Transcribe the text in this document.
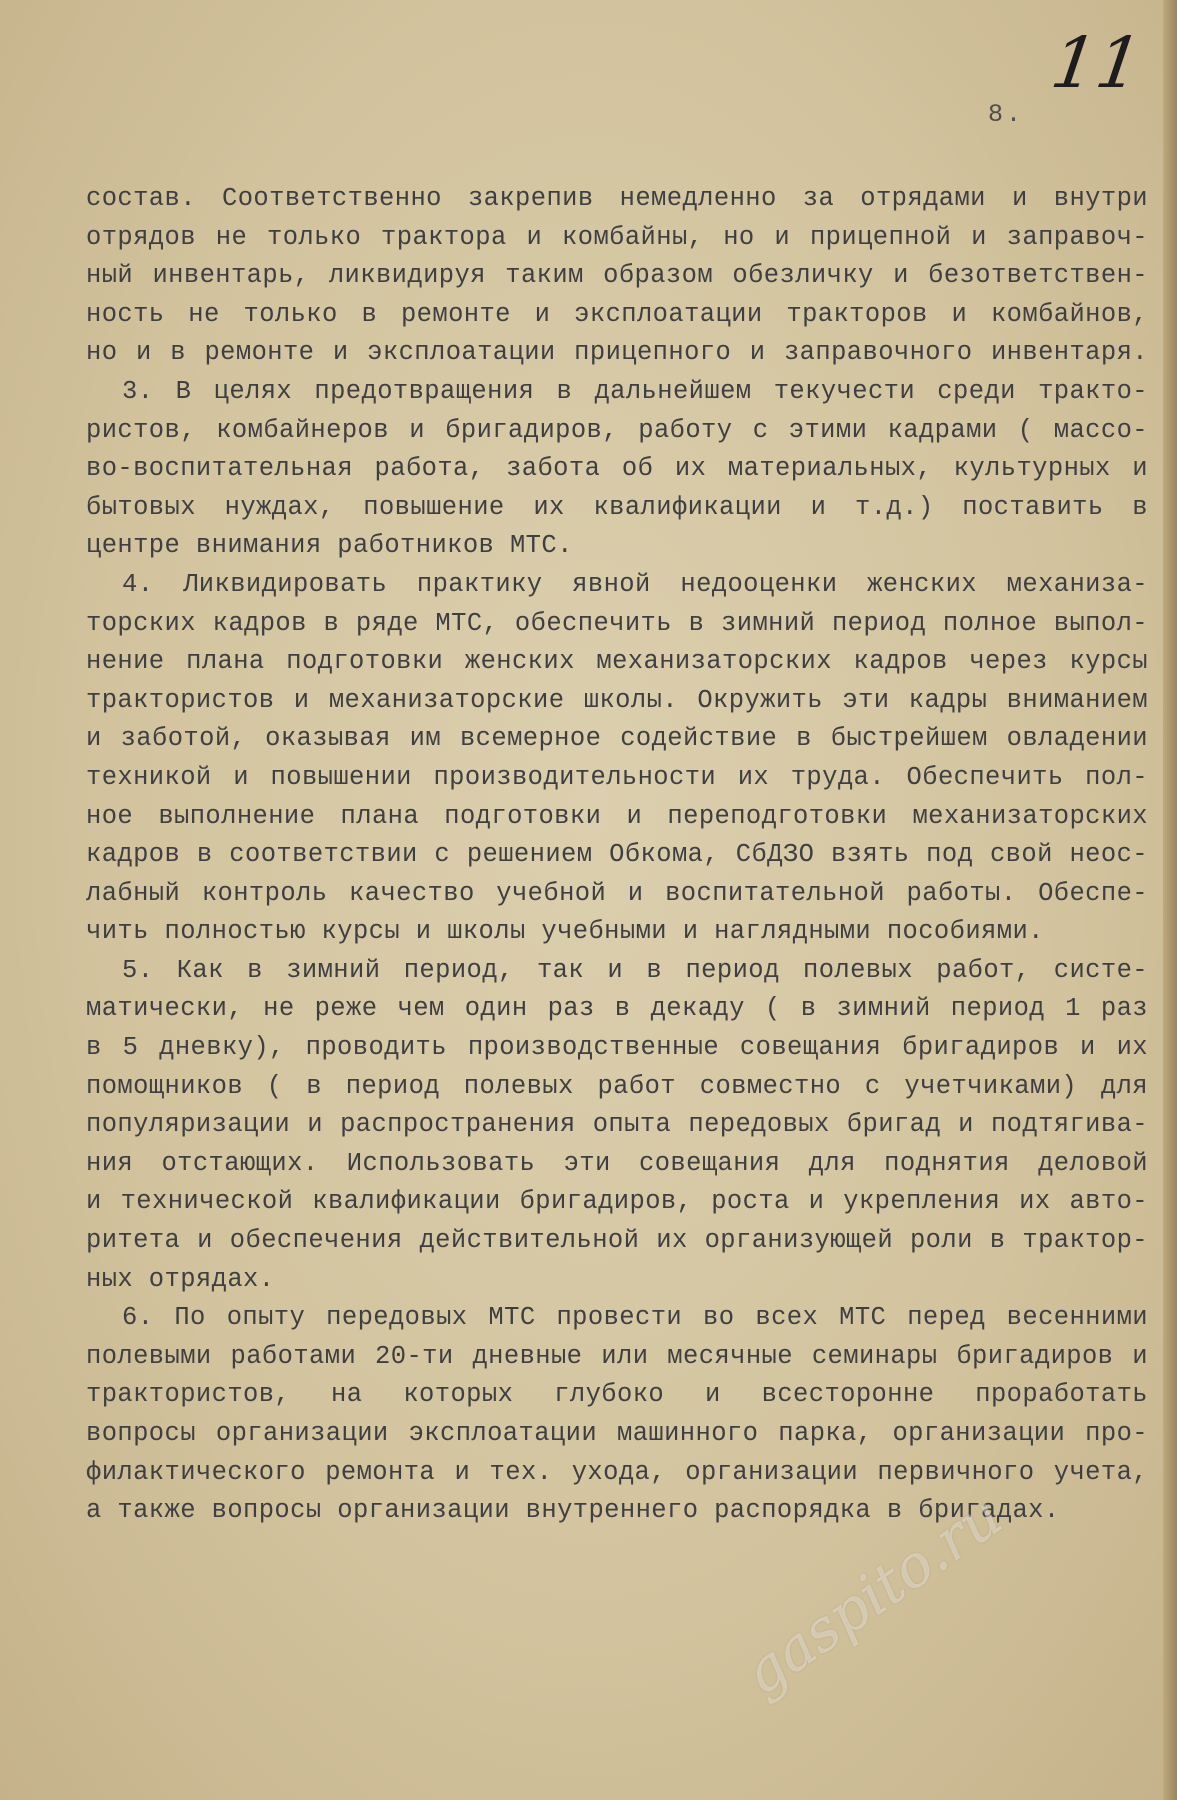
11
8.
состав. Соответственно закрепив немедленно за отрядами и внутри
отрядов не только трактора и комбайны, но и прицепной и заправоч-
ный инвентарь, ликвидируя таким образом обезличку и безответствен-
ность не только в ремонте и эксплоатации тракторов и комбайнов,
но и в ремонте и эксплоатации прицепного и заправочного инвентаря.
3. В целях предотвращения в дальнейшем текучести среди тракто-
ристов, комбайнеров и бригадиров, работу с этими кадрами ( массо-
во-воспитательная работа, забота об их материальных, культурных и
бытовых нуждах, повышение их квалификации и т.д.) поставить в
центре внимания работников МТС.
4. Ликвидировать практику явной недооценки женских механиза-
торских кадров в ряде МТС, обеспечить в зимний период полное выпол-
нение плана подготовки женских механизаторских кадров через курсы
трактористов и механизаторские школы. Окружить эти кадры вниманием
и заботой, оказывая им всемерное содействие в быстрейшем овладении
техникой и повышении производительности их труда. Обеспечить пол-
ное выполнение плана подготовки и переподготовки механизаторских
кадров в соответствии с решением Обкома, СбДЗО взять под свой неос-
лабный контроль качество учебной и воспитательной работы. Обеспе-
чить полностью курсы и школы учебными и наглядными пособиями.
5. Как в зимний период, так и в период полевых работ, систе-
матически, не реже чем один раз в декаду ( в зимний период 1 раз
в 5 дневку), проводить производственные совещания бригадиров и их
помощников ( в период полевых работ совместно с учетчиками) для
популяризации и распространения опыта передовых бригад и подтягива-
ния отстающих. Использовать эти совещания для поднятия деловой
и технической квалификации бригадиров, роста и укрепления их авто-
ритета и обеспечения действительной их организующей роли в трактор-
ных отрядах.
6. По опыту передовых МТС провести во всех МТС перед весенними
полевыми работами 20-ти дневные или месячные семинары бригадиров и
трактористов, на которых глубоко и всесторонне проработать
вопросы организации эксплоатации машинного парка, организации про-
филактического ремонта и тех. ухода, организации первичного учета,
а также вопросы организации внутреннего распорядка в бригадах.
gaspito.ru
